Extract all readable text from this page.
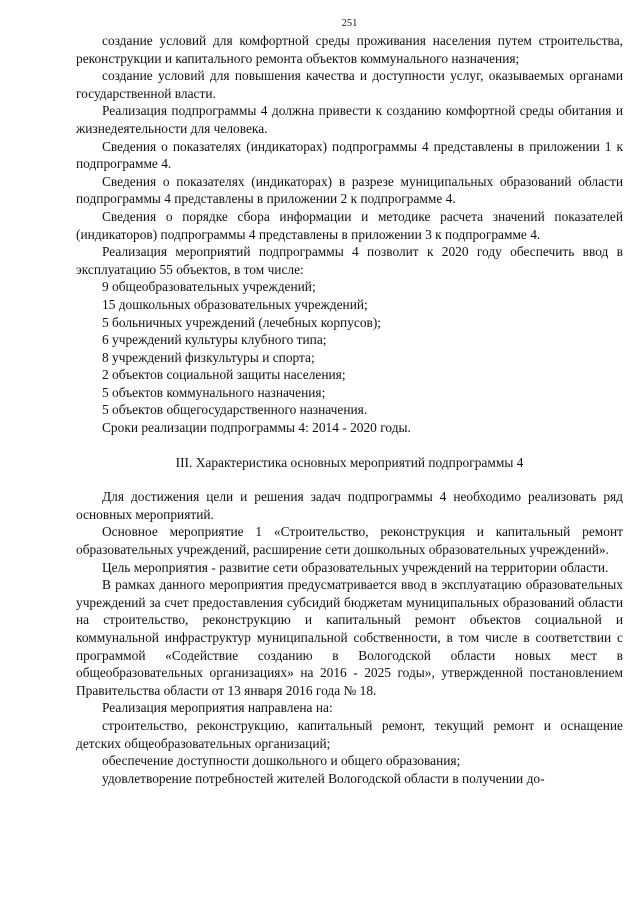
251

создание условий для комфортной среды проживания населения путем строительства, реконструкции и капитального ремонта объектов коммунального назначения;

создание условий для повышения качества и доступности услуг, оказываемых органами государственной власти.

Реализация подпрограммы 4 должна привести к созданию комфортной среды обитания и жизнедеятельности для человека.

Сведения о показателях (индикаторах) подпрограммы 4 представлены в приложении 1 к подпрограмме 4.

Сведения о показателях (индикаторах) в разрезе муниципальных образований области подпрограммы 4 представлены в приложении 2 к подпрограмме 4.

Сведения о порядке сбора информации и методике расчета значений показателей (индикаторов) подпрограммы 4 представлены в приложении 3 к подпрограмме 4.

Реализация мероприятий подпрограммы 4 позволит к 2020 году обеспечить ввод в эксплуатацию 55 объектов, в том числе:

9 общеобразовательных учреждений;

15 дошкольных образовательных учреждений;

5 больничных учреждений (лечебных корпусов);

6 учреждений культуры клубного типа;

8 учреждений физкультуры и спорта;

2 объектов социальной защиты населения;

5 объектов коммунального назначения;

5 объектов общегосударственного назначения.

Сроки реализации подпрограммы 4: 2014 - 2020 годы.

III. Характеристика основных мероприятий подпрограммы 4

Для достижения цели и решения задач подпрограммы 4 необходимо реализовать ряд основных мероприятий.

Основное мероприятие 1 «Строительство, реконструкция и капитальный ремонт образовательных учреждений, расширение сети дошкольных образовательных учреждений».

Цель мероприятия - развитие сети образовательных учреждений на территории области.

В рамках данного мероприятия предусматривается ввод в эксплуатацию образовательных учреждений за счет предоставления субсидий бюджетам муниципальных образований области на строительство, реконструкцию и капитальный ремонт объектов социальной и коммунальной инфраструктур муниципальной собственности, в том числе в соответствии с программой «Содействие созданию в Вологодской области новых мест в общеобразовательных организациях» на 2016 - 2025 годы», утвержденной постановлением Правительства области от 13 января 2016 года № 18.

Реализация мероприятия направлена на:

строительство, реконструкцию, капитальный ремонт, текущий ремонт и оснащение детских общеобразовательных организаций;

обеспечение доступности дошкольного и общего образования;

удовлетворение потребностей жителей Вологодской области в получении до-
